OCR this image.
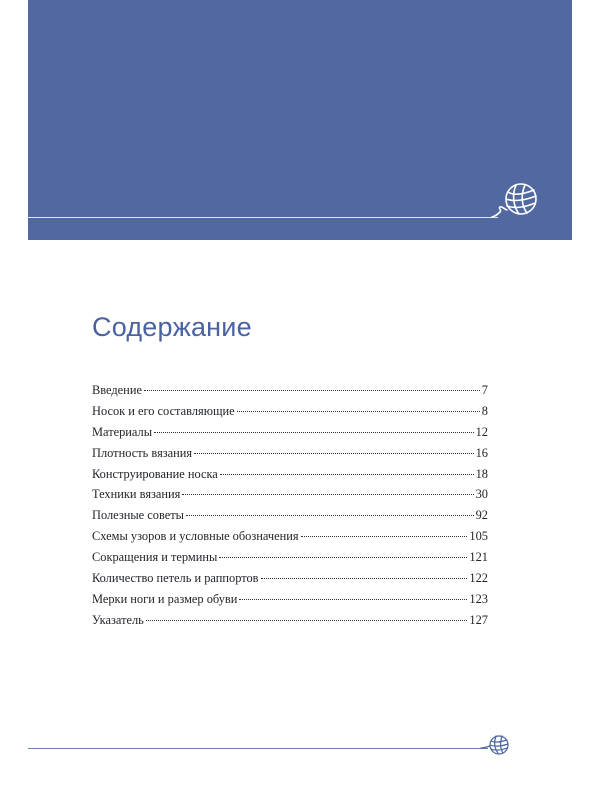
Содержание
Введение	7
Носок и его составляющие	8
Материалы	12
Плотность вязания	16
Конструирование носка	18
Техники вязания	30
Полезные советы	92
Схемы узоров и условные обозначения	105
Сокращения и термины	121
Количество петель и раппортов	122
Мерки ноги и размер обуви	123
Указатель	127
